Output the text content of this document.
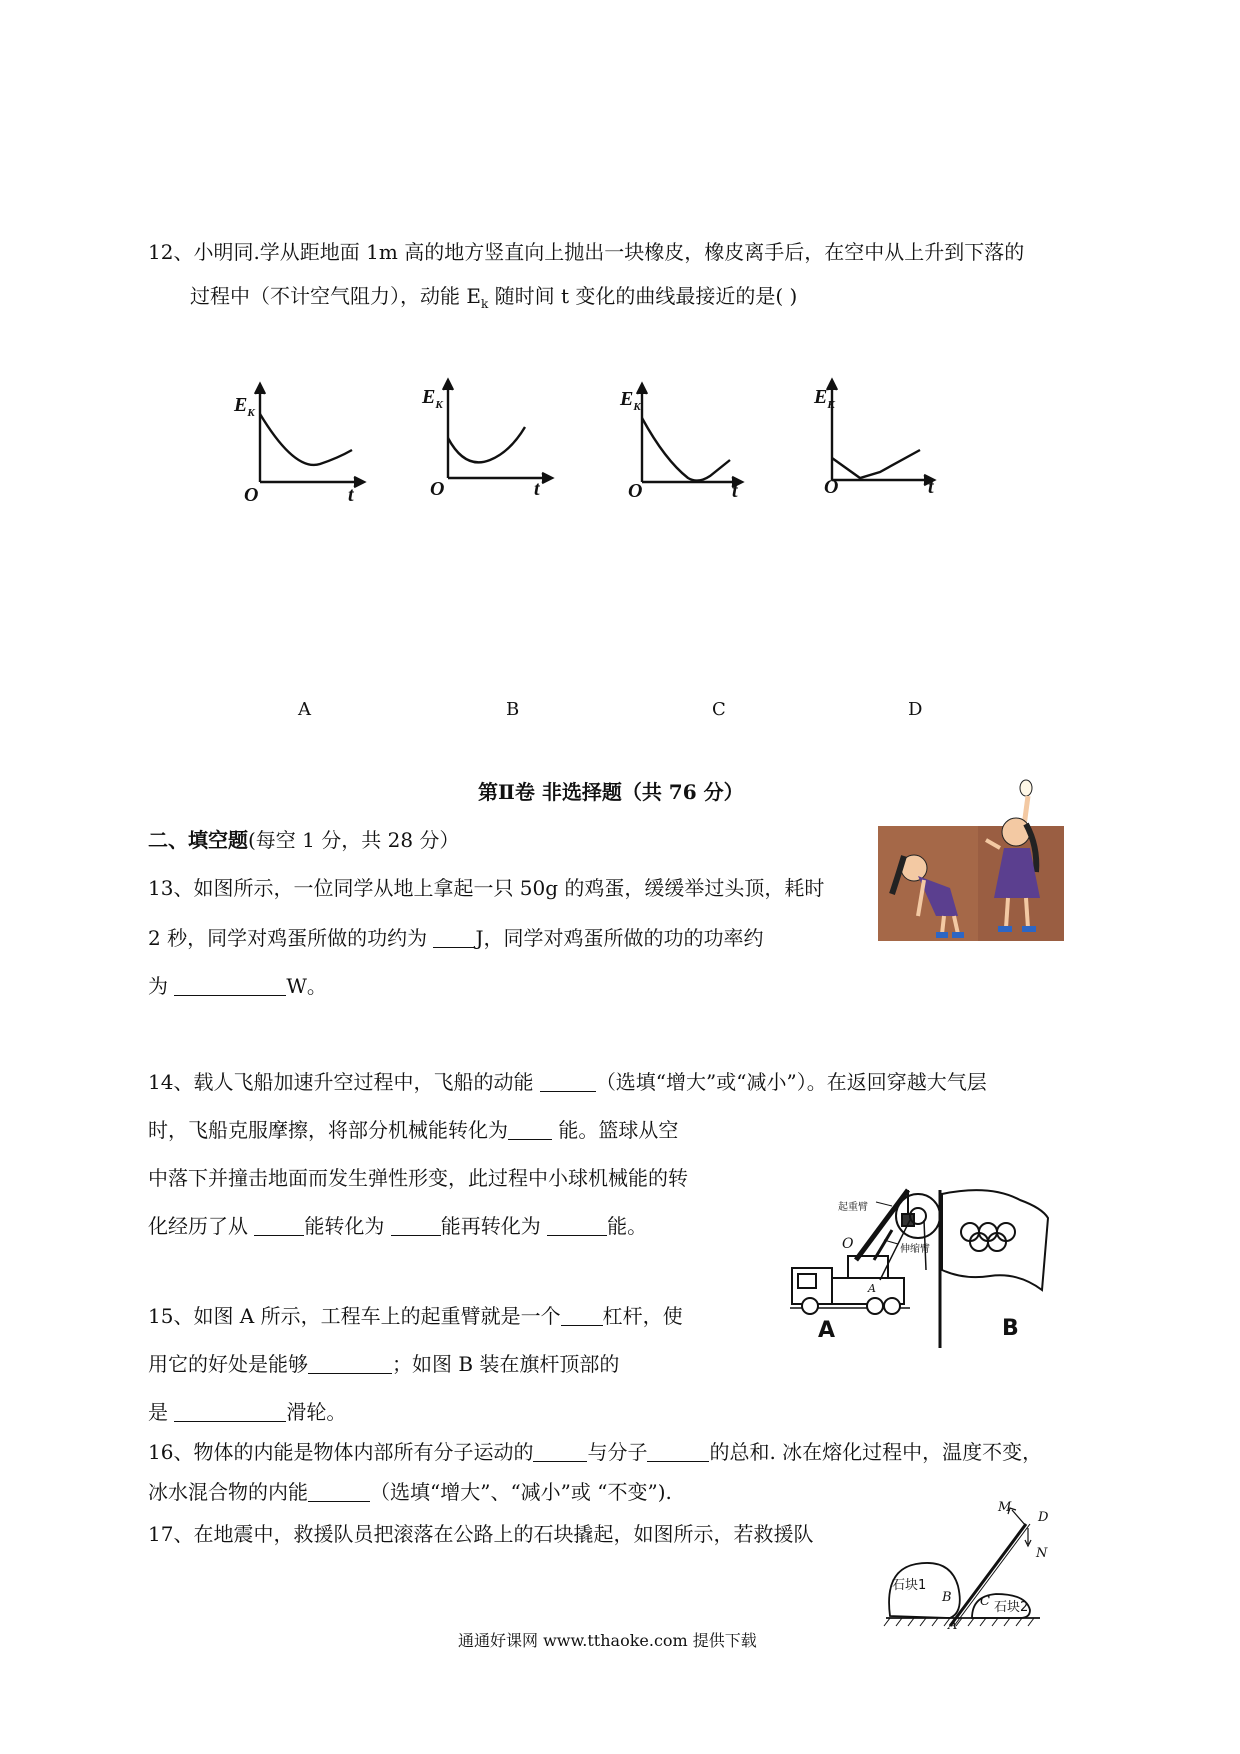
12、小明同.学从距地面 1m 高的地方竖直向上抛出一块橡皮，橡皮离手后，在空中从上升到下落的
过程中（不计空气阻力），动能 $E_k$ 随时间 t 变化的曲线最接近的是( )
$E_K$
O	t
$E_K$
O	t
$E_K$
O	t
$E_K$
O	t
A	B	C	D
第Ⅱ卷 非选择题（共 76 分）
二、填空题(每空 1 分，共 28 分）
13、如图所示，一位同学从地上拿起一只 50g 的鸡蛋，缓缓举过头顶，耗时
2 秒，同学对鸡蛋所做的功约为 J，同学对鸡蛋所做的功的功率约
为	W。
14、载人飞船加速升空过程中，飞船的动能	（选填“增大”或“减小”）。在返回穿越大气层
时，飞船克服摩擦，将部分机械能转化为 能。篮球从空
中落下并撞击地面而发生弹性形变，此过程中小球机械能的转
化经历了从	能转化为	能再转化为	能。
起重臂
伸缩臂
O
A
A	B
15、如图 A 所示，工程车上的起重臂就是一个 杠杆，使
用它的好处是能够	；如图 B 装在旗杆顶部的
是	滑轮。
16、物体的内能是物体内部所有分子运动的	与分子	的总和. 冰在熔化过程中，温度不变，
冰水混合物的内能	（选填“增大”、“减小”或 “不变”).
17、在地震中，救援队员把滚落在公路上的石块撬起，如图所示，若救援队
石块1
石块2
M
D
N
B C
A
通通好课网 www.tthaoke.com 提供下载
